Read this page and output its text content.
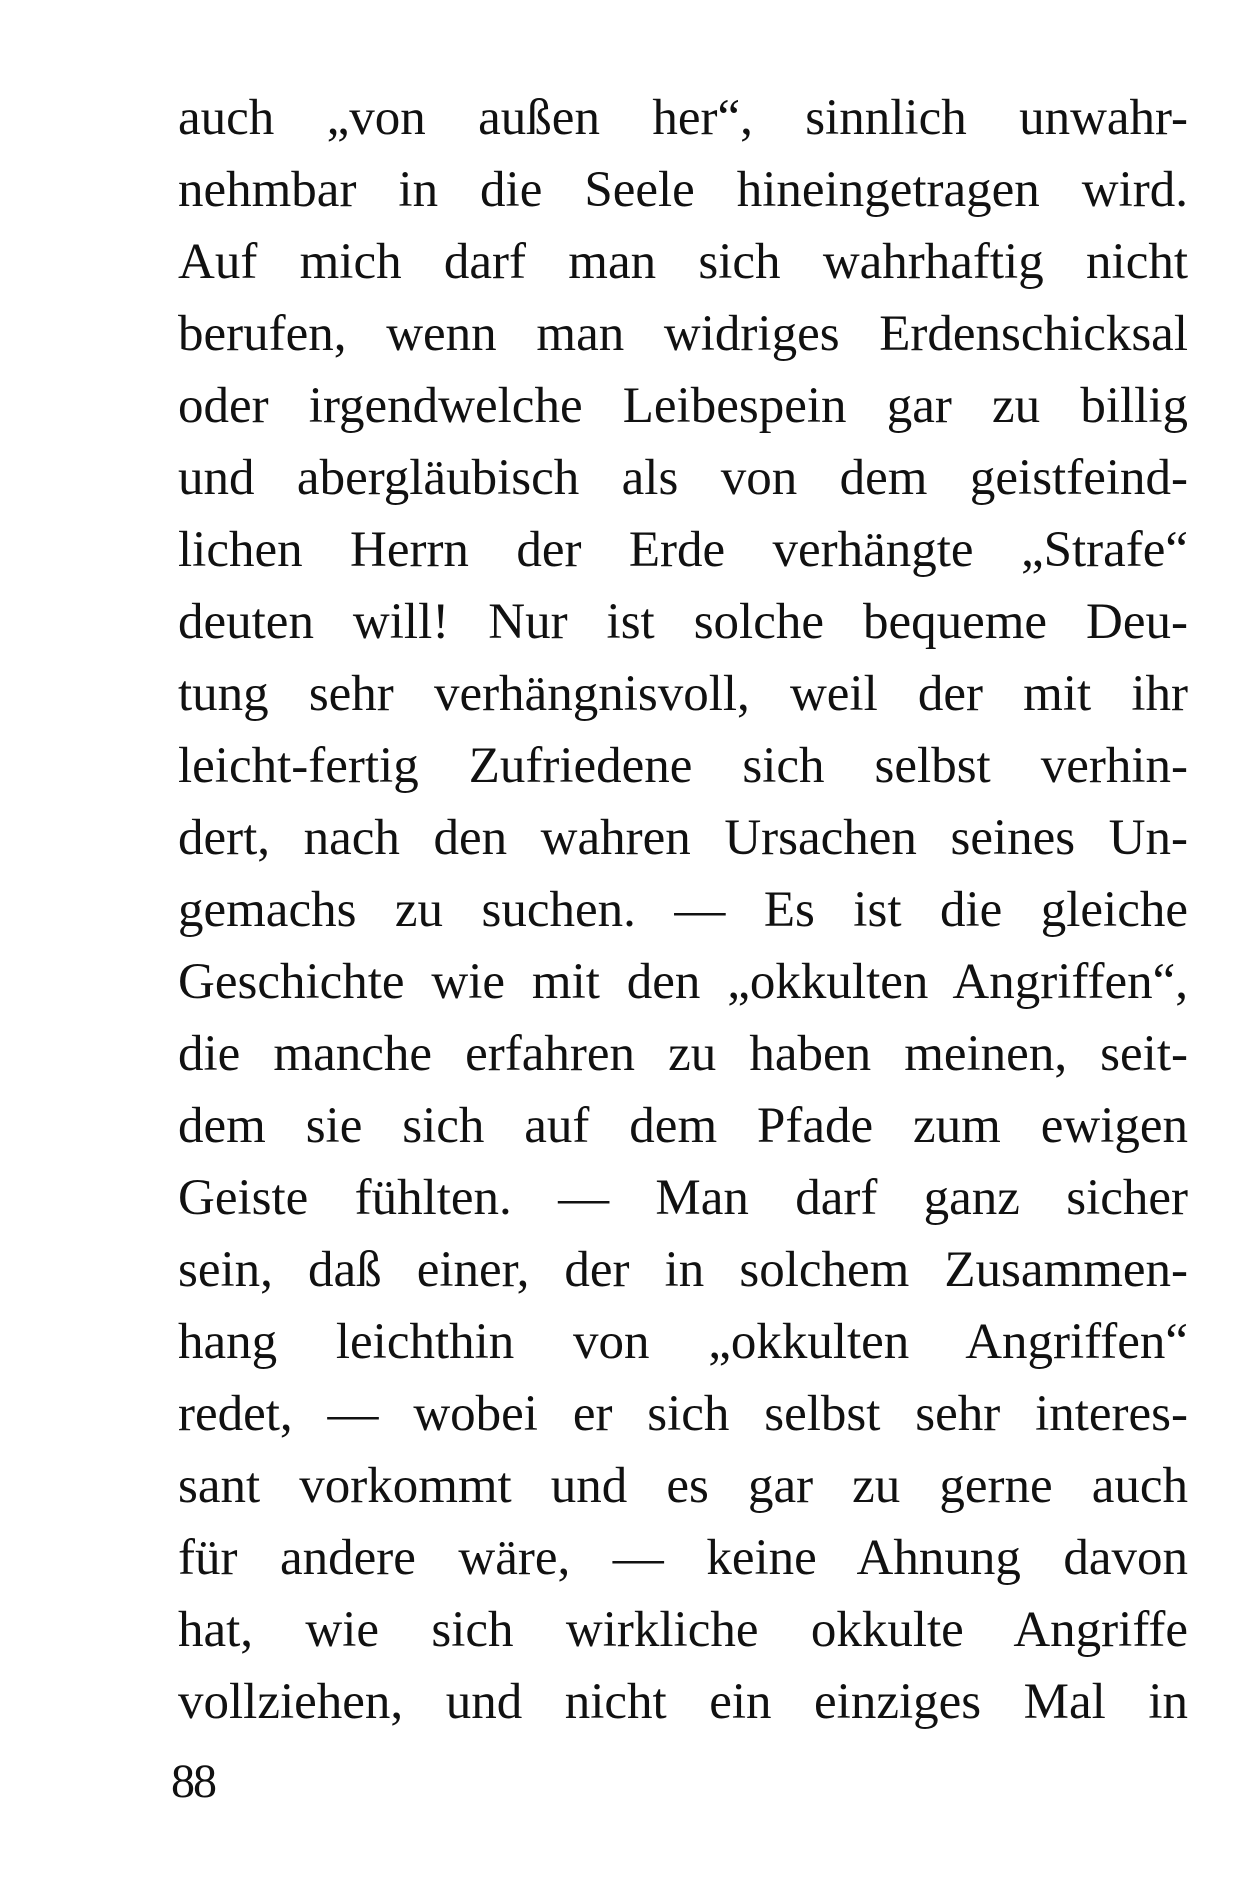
auch „von außen her“, sinnlich unwahr-
nehmbar in die Seele hineingetragen wird.
Auf mich darf man sich wahrhaftig nicht
berufen, wenn man widriges Erdenschicksal
oder irgendwelche Leibespein gar zu billig
und abergläubisch als von dem geistfeind-
lichen Herrn der Erde verhängte „Strafe“
deuten will! Nur ist solche bequeme Deu-
tung sehr verhängnisvoll, weil der mit ihr
leicht-fertig Zufriedene sich selbst verhin-
dert, nach den wahren Ursachen seines Un-
gemachs zu suchen. — Es ist die gleiche
Geschichte wie mit den „okkulten Angriffen“,
die manche erfahren zu haben meinen, seit-
dem sie sich auf dem Pfade zum ewigen
Geiste fühlten. — Man darf ganz sicher
sein, daß einer, der in solchem Zusammen-
hang leichthin von „okkulten Angriffen“
redet, — wobei er sich selbst sehr interes-
sant vorkommt und es gar zu gerne auch
für andere wäre, — keine Ahnung davon
hat, wie sich wirkliche okkulte Angriffe
vollziehen, und nicht ein einziges Mal in
88
